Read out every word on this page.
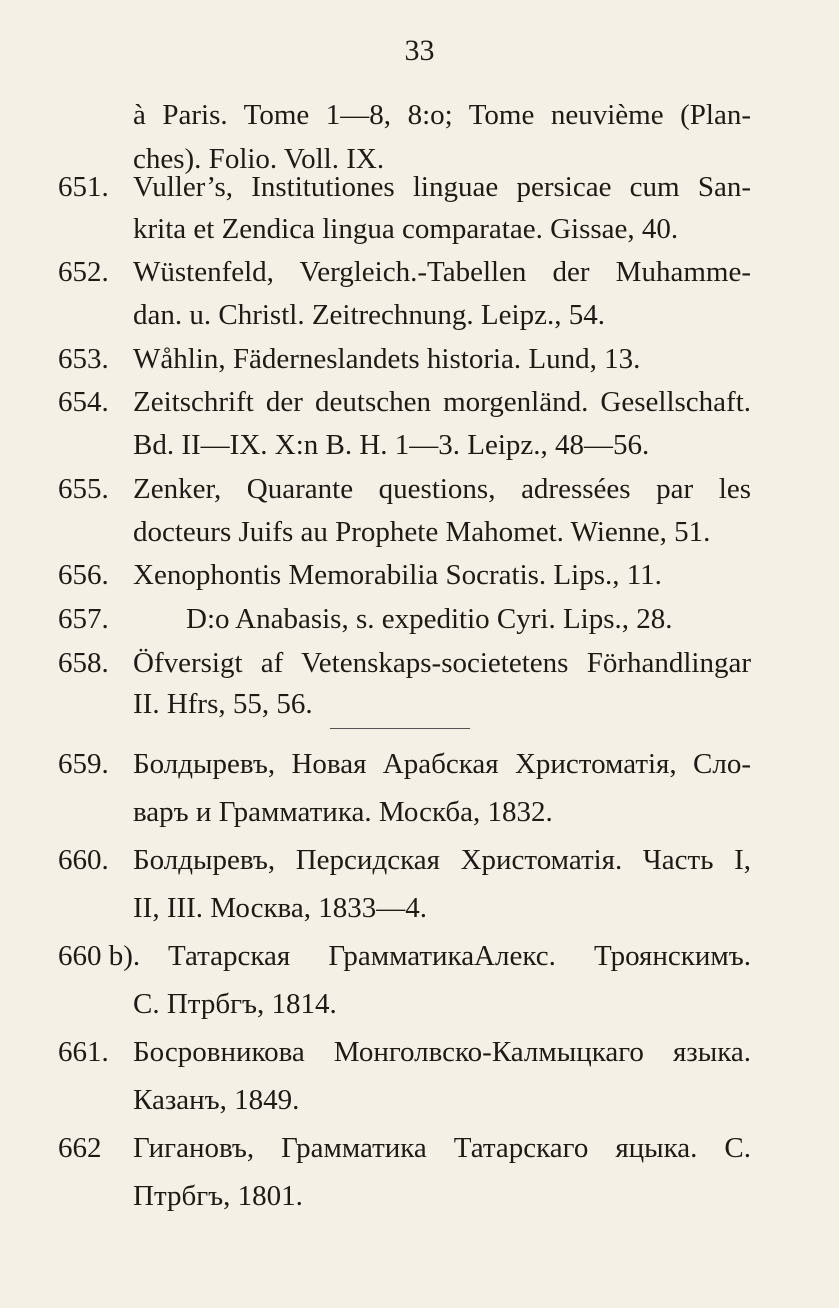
33
à Paris. Tome 1—8, 8:o; Tome neuvième (Plan-
ches). Folio. Voll. IX.
651. Vuller’s, Institutiones linguae persicae cum San-
krita et Zendica lingua comparatae. Gissae, 40.
652. Wüstenfeld, Vergleich.-Tabellen der Muhamme-
dan. u. Christl. Zeitrechnung. Leipz., 54.
653. Wåhlin, Fäderneslandets historia. Lund, 13.
654. Zeitschrift der deutschen morgenländ. Gesellschaft.
Bd. II—IX. X:n B. H. 1—3. Leipz., 48—56.
655. Zenker, Quarante questions, adressées par les
docteurs Juifs au Prophete Mahomet. Wienne, 51.
656. Xenophontis Memorabilia Socratis. Lips., 11.
657.	D:o Anabasis, s. expeditio Cyri. Lips., 28.
658. Öfversigt af Vetenskaps-societetens Förhandlingar
II. Hfrs, 55, 56.
659. Болдыревъ, Новая Арабская Христоматія, Сло-
варъ и Грамматика. Москба, 1832.
660. Болдыревъ, Персидская Христоматія. Часть I,
II, III. Москва, 1833—4.
660 b). Татарская ГрамматикаАлекс. Троянскимъ.
С. Птрбгъ, 1814.
661. Босровникова Монголвско-Калмыцкаго языка.
Казанъ, 1849.
662 Гигановъ, Грамматика Татарскаго яцыка. С.
Птрбгъ, 1801.
